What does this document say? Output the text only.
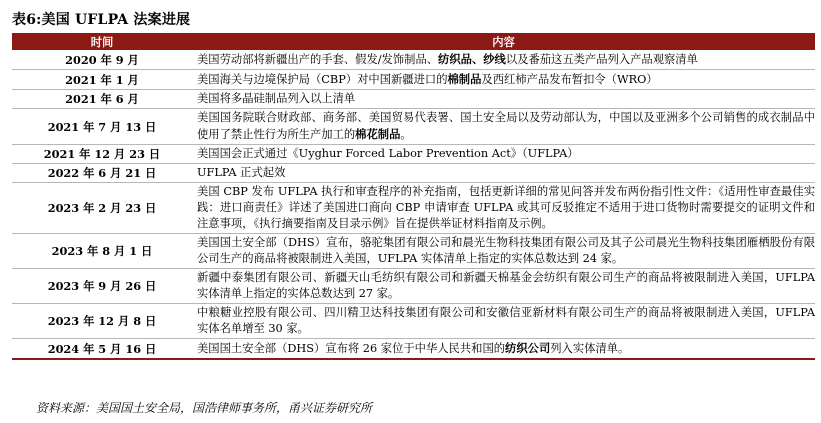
表6:美国 UFLPA 法案进展
时间	内容
2020 年 9 月	美国劳动部将新疆出产的手套、假发/发饰制品、纺织品、纱线以及番茄这五类产品列入产品观察清单
2021 年 1 月	美国海关与边境保护局（CBP）对中国新疆进口的棉制品及西红柿产品发布暂扣令（WRO）
2021 年 6 月	美国将多晶硅制品列入以上清单
2021 年 7 月 13 日	美国国务院联合财政部、商务部、美国贸易代表署、国土安全局以及劳动部认为，中国以及亚洲多个公司销售的成衣制品中使用了禁止性行为所生产加工的棉花制品。
2021 年 12 月 23 日	美国国会正式通过《Uyghur Forced Labor Prevention Act》（UFLPA）
2022 年 6 月 21 日	UFLPA 正式起效
2023 年 2 月 23 日	美国 CBP 发布 UFLPA 执行和审查程序的补充指南，包括更新详细的常见问答并发布两份指引性文件：《适用性审查最佳实践：进口商责任》详述了美国进口商向 CBP 申请审查 UFLPA 或其可反驳推定不适用于进口货物时需要提交的证明文件和注意事项，《执行摘要指南及目录示例》旨在提供举证材料指南及示例。
2023 年 8 月 1 日	美国国土安全部（DHS）宣布，骆驼集团有限公司和晨光生物科技集团有限公司及其子公司晨光生物科技集团雁栖股份有限公司生产的商品将被限制进入美国，UFLPA 实体清单上指定的实体总数达到 24 家。
2023 年 9 月 26 日	新疆中泰集团有限公司、新疆天山毛纺织有限公司和新疆天棉基金会纺织有限公司生产的商品将被限制进入美国，UFLPA 实体清单上指定的实体总数达到 27 家。
2023 年 12 月 8 日	中粮糖业控股有限公司、四川精卫达科技集团有限公司和安徽信亚新材料有限公司生产的商品将被限制进入美国，UFLPA 实体名单增至 30 家。
2024 年 5 月 16 日	美国国土安全部（DHS）宣布将 26 家位于中华人民共和国的纺织公司列入实体清单。
资料来源：美国国土安全局，国浩律师事务所，甬兴证券研究所
